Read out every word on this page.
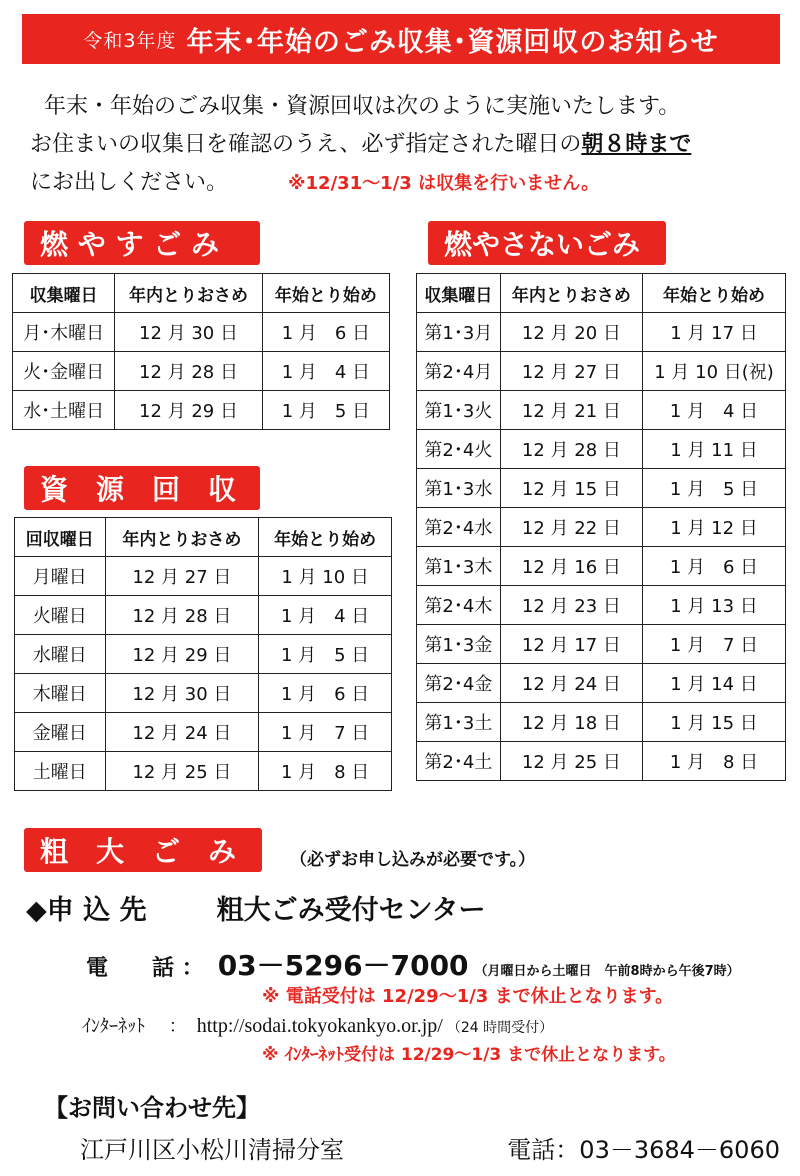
令和3年度 年末･年始のごみ収集･資源回収のお知らせ
年末・年始のごみ収集・資源回収は次のように実施いたします。
お住まいの収集日を確認のうえ、必ず指定された曜日の朝８時まで
にお出しください。	※12/31～1/3 は収集を行いません。
燃 や す ご み
収集曜日	年内とりおさめ	年始とり始め
月･木曜日	12 月 30 日	1 月　6 日
火･金曜日	12 月 28 日	1 月　4 日
水･土曜日	12 月 29 日	1 月　5 日
資　源　回　収
回収曜日	年内とりおさめ	年始とり始め
月曜日	12 月 27 日	1 月 10 日
火曜日	12 月 28 日	1 月　4 日
水曜日	12 月 29 日	1 月　5 日
木曜日	12 月 30 日	1 月　6 日
金曜日	12 月 24 日	1 月　7 日
土曜日	12 月 25 日	1 月　8 日
燃やさないごみ
収集曜日	年内とりおさめ	年始とり始め
第1･3月	12 月 20 日	1 月 17 日
第2･4月	12 月 27 日	1 月 10 日(祝)
第1･3火	12 月 21 日	1 月　4 日
第2･4火	12 月 28 日	1 月 11 日
第1･3水	12 月 15 日	1 月　5 日
第2･4水	12 月 22 日	1 月 12 日
第1･3木	12 月 16 日	1 月　6 日
第2･4木	12 月 23 日	1 月 13 日
第1･3金	12 月 17 日	1 月　7 日
第2･4金	12 月 24 日	1 月 14 日
第1･3土	12 月 18 日	1 月 15 日
第2･4土	12 月 25 日	1 月　8 日
粗　大　ご　み	（必ずお申し込みが必要です。）
◆申 込 先	粗大ごみ受付センター
電　　話 ： 03－5296－7000 （月曜日から土曜日　午前8時から午後7時）
※ 電話受付は 12/29～1/3 まで休止となります。
ｲﾝﾀｰﾈｯﾄ ： http://sodai.tokyokankyo.or.jp/ （24 時間受付）
※ ｲﾝﾀｰﾈｯﾄ受付は 12/29～1/3 まで休止となります。
【お問い合わせ先】
江戸川区小松川清掃分室	電話：03－3684－6060
